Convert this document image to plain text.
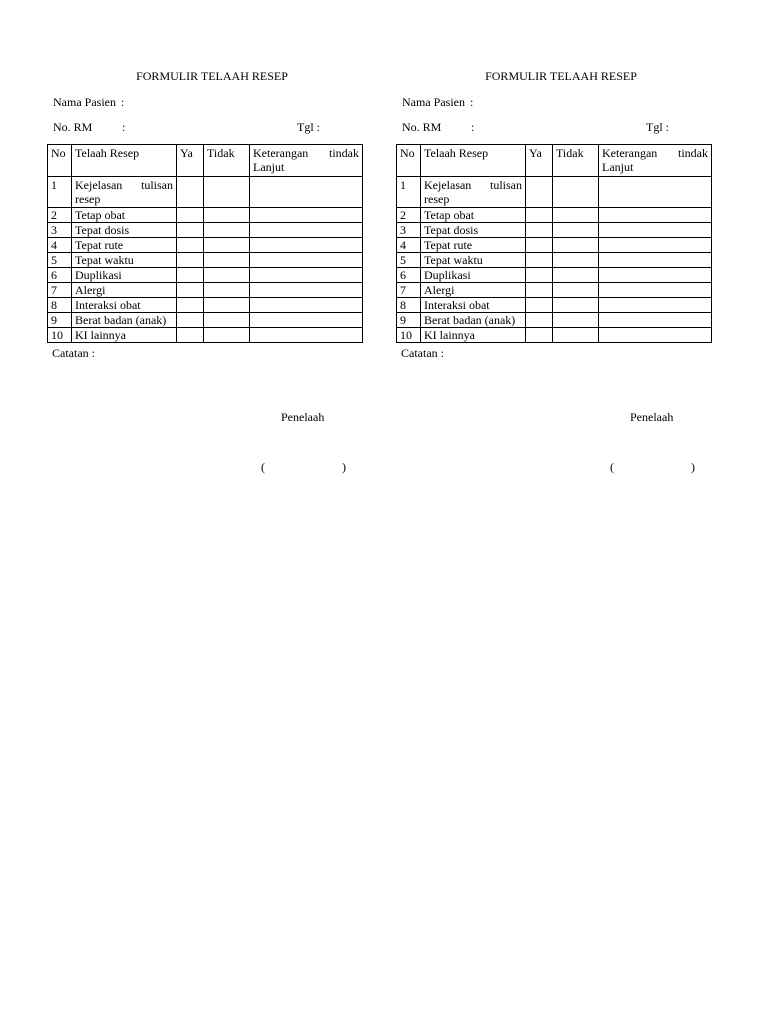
FORMULIR TELAAH RESEP
Nama Pasien :
No. RM :	Tgl :
No	Telaah Resep	Ya	Tidak	Keterangan tindak
Lanjut

1	Kejelasan tulisan
resep			

2	Tetap obat			
3	Tepat dosis			
4	Tepat rute			
5	Tepat waktu			
6	Duplikasi			
7	Alergi			
8	Interaksi obat			
9	Berat badan (anak)			
10	KI lainnya			
Catatan :
Penelaah
(	)
FORMULIR TELAAH RESEP
Nama Pasien :
No. RM :	Tgl :
No	Telaah Resep	Ya	Tidak	Keterangan tindak
Lanjut

1	Kejelasan tulisan
resep			

2	Tetap obat			
3	Tepat dosis			
4	Tepat rute			
5	Tepat waktu			
6	Duplikasi			
7	Alergi			
8	Interaksi obat			
9	Berat badan (anak)			
10	KI lainnya			
Catatan :
Penelaah
(	)
